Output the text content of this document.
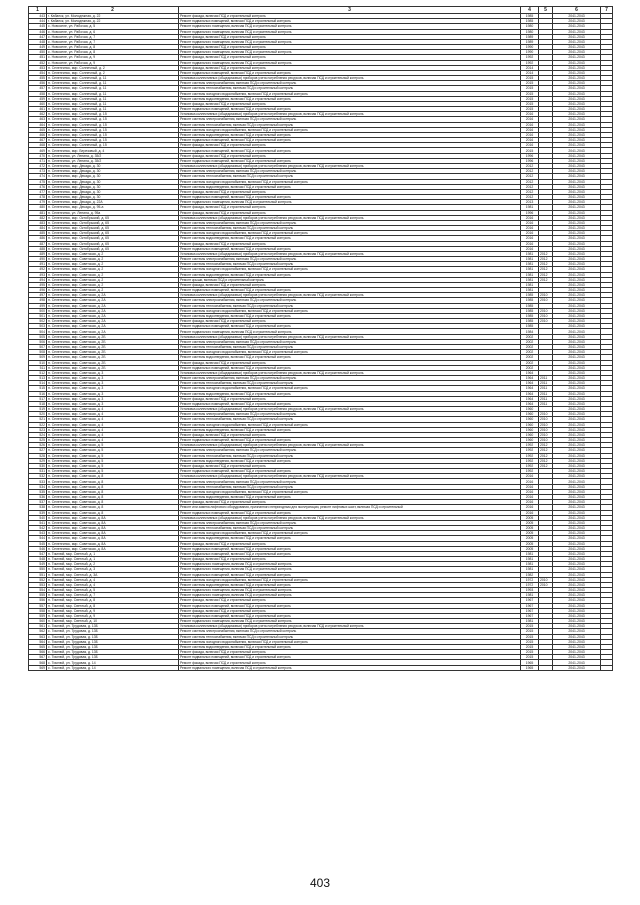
1	2	3	4	5	6	7
443	г. Кабанск, ул. Молодежная, д. 22	Ремонт фасада, включая ПСД и строительный контроль	1985		2041-2043	
444	г. Кабанск, ул. Молодежная, д. 22	Ремонт подвальных помещений, включая ПСД и строительный контроль	1985		2041-2043	
445	с. Новоселе, ул. Рабочая, д. 5	Ремонт подвального помещения, включая ПСД и строительный контроль	1980		2041-2043	
446	с. Новоселе, ул. Рабочая, д. 6	Ремонт подвального помещения, включая ПСД и строительный контроль	1980		2041-2043	
447	с. Новоселе, ул. Рабочая, д. 7	Ремонт фасада, включая ПСД и строительный контроль	1989		2041-2043	
448	с. Новоселе, ул. Рабочая, д. 7	Ремонт подвального помещения, включая ПСД и строительный контроль	1989		2041-2043	
449	с. Новоселе, ул. Рабочая, д. 8	Ремонт фасада, включая ПСД и строительный контроль	1990		2041-2043	
450	с. Новоселе, ул. Рабочая, д. 8	Ремонт подвального помещения, включая ПСД и строительный контроль	1990		2041-2043	
451	с. Новоселе, ул. Рабочая, д. 9	Ремонт фасада, включая ПСД и строительный контроль	1992		2041-2043	
452	с. Новоселе, ул. Рабочая, д. 9	Ремонт подвального помещения, включая ПСД и строительный контроль	1992		2041-2043	
453	п. Селенгинск, мкр. Солнечный, д. 2	Ремонт фасада, включая ПСД и строительный контроль	2014		2041-2043	
454	п. Селенгинск, мкр. Солнечный, д. 2	Ремонт подвальных помещений, включая ПСД и строительный контроль	2014		2041-2043	
455	п. Селенгинск, мкр. Солнечный, д. 11	Установка коллективных (общедомовых) приборов учета потребления ресурсов, включая ПСД и строительный контроль	2015		2041-2043	
456	п. Селенгинск, мкр. Солнечный, д. 11	Ремонт системы электроснабжения, включая ПСД и строительный контроль	2015		2041-2043	
457	п. Селенгинск, мкр. Солнечный, д. 11	Ремонт системы теплоснабжения, включая ПСД и строительный контроль	2015		2041-2043	
458	п. Селенгинск, мкр. Солнечный, д. 11	Ремонт системы холодного водоснабжения, включая ПСД и строительный контроль	2015		2041-2043	
459	п. Селенгинск, мкр. Солнечный, д. 11	Ремонт системы водоотведения, включая ПСД и строительный контроль	2015		2041-2043	
460	п. Селенгинск, мкр. Солнечный, д. 11	Ремонт фасада, включая ПСД и строительный контроль	2015		2041-2043	
461	п. Селенгинск, мкр. Солнечный, д. 11	Ремонт подвальных помещений, включая ПСД и строительный контроль	2015		2041-2043	
462	п. Селенгинск, мкр. Солнечный, д. 15	Установка коллективных (общедомовых) приборов учета потребления ресурсов, включая ПСД и строительный контроль	2016		2041-2043	
463	п. Селенгинск, мкр. Солнечный, д. 15	Ремонт системы электроснабжения, включая ПСД и строительный контроль	2016		2041-2043	
464	п. Селенгинск, мкр. Солнечный, д. 15	Ремонт системы теплоснабжения, включая ПСД и строительный контроль	2016		2041-2043	
465	п. Селенгинск, мкр. Солнечный, д. 15	Ремонт системы холодного водоснабжения, включая ПСД и строительный контроль	2016		2041-2043	
466	п. Селенгинск, мкр. Солнечный, д. 15	Ремонт системы водоотведения, включая ПСД и строительный контроль	2016		2041-2043	
467	п. Селенгинск, мкр. Солнечный, д. 15	Ремонт подвальных помещений, включая ПСД и строительный контроль	2016		2041-2043	
468	п. Селенгинск, мкр. Солнечный, д. 15	Ремонт фасада, включая ПСД и строительный контроль	2016		2041-2043	
469	п. Селенгинск, мкр. Березовый, д. 4	Ремонт подвальных помещений, включая ПСД и строительный контроль	2015		2041-2043	
470	п. Селенгинск, ул. Ленина, д. 35/2	Ремонт фасада, включая ПСД и строительный контроль	1996		2041-2043	
471	п. Селенгинск, ул. Ленина, д. 35/2	Ремонт подвальных помещений, включая ПСД и строительный контроль	1996		2041-2043	
472	п. Селенгинск, мкр. Декада, д. 30	Установка коллективных (общедомовых) приборов учета потребления ресурсов, включая ПСД и строительный контроль	2012		2041-2043	
473	п. Селенгинск, мкр. Декада, д. 30	Ремонт системы электроснабжения, включая ПСД и строительный контроль	2012		2041-2043	
474	п. Селенгинск, мкр. Декада, д. 30	Ремонт системы теплоснабжения, включая ПСД и строительный контроль	2012		2041-2043	
475	п. Селенгинск, мкр. Декада, д. 30	Ремонт системы холодного водоснабжения, включая ПСД и строительный контроль	2012		2041-2043	
476	п. Селенгинск, мкр. Декада, д. 30	Ремонт системы водоотведения, включая ПСД и строительный контроль	2012		2041-2043	
477	п. Селенгинск, мкр. Декада, д. 30	Ремонт фасада, включая ПСД и строительный контроль	2012		2041-2043	
478	п. Селенгинск, мкр. Декада, д. 30	Ремонт подвальных помещений, включая ПСД и строительный контроль	2012		2041-2043	
479	п. Селенгинск, мкр. Декада, д. 22А	Ремонт подвального помещения, включая ПСД и строительный контроль	2013		2041-2043	
480	п. Селенгинск, мкр. Декада, д. 95-а	Ремонт фасада, включая ПСД и строительный контроль	1981		2041-2043	
481	п. Селенгинск, ул. Ленина, д. 95а	Ремонт фасада, включая ПСД и строительный контроль	1996		2041-2043	
482	п. Селенгинск, мкр. Октябрьский, д. 65	Установка коллективных (общедомовых) приборов учета потребления ресурсов, включая ПСД и строительный контроль	2016		2041-2043	
483	п. Селенгинск, мкр. Октябрьский, д. 65	Ремонт системы электроснабжения, включая ПСД и строительный контроль	2016		2041-2043	
484	п. Селенгинск, мкр. Октябрьский, д. 65	Ремонт системы теплоснабжения, включая ПСД и строительный контроль	2016		2041-2043	
485	п. Селенгинск, мкр. Октябрьский, д. 65	Ремонт системы холодного водоснабжения, включая ПСД и строительный контроль	2016		2041-2043	
486	п. Селенгинск, мкр. Октябрьский, д. 65	Ремонт системы водоотведения, включая ПСД и строительный контроль	2016		2041-2043	
487	п. Селенгинск, мкр. Октябрьский, д. 65	Ремонт фасада, включая ПСД и строительный контроль	2016		2041-2043	
488	п. Селенгинск, мкр. Октябрьский, д. 65	Ремонт подвальных помещений, включая ПСД и строительный контроль	2016		2041-2043	
489	п. Селенгинск, мкр. Советская, д. 2	Установка коллективных (общедомовых) приборов учета потребления ресурсов, включая ПСД и строительный контроль	1981	2012	2041-2043	
490	п. Селенгинск, мкр. Советская, д. 2	Ремонт системы электроснабжения, включая ПСД и строительный контроль	1981	2012	2041-2043	
491	п. Селенгинск, мкр. Советская, д. 2	Ремонт системы теплоснабжения, включая ПСД и строительный контроль	1981	2012	2041-2043	
492	п. Селенгинск, мкр. Советская, д. 2	Ремонт системы холодного водоснабжения, включая ПСД и строительный контроль	1981	2012	2041-2043	
493	п. Селенгинск, мкр. Советская, д. 2	Ремонт системы водоотведения, включая ПСД и строительный контроль	1981	2012	2041-2043	
494	п. Селенгинск, мкр. Советская, д. 2	Ремонт крыши, включая ПСД и строительный контроль	1981	2012	2041-2043	
495	п. Селенгинск, мкр. Советская, д. 2	Ремонт фасада, включая ПСД и строительный контроль	1981		2041-2043	
496	п. Селенгинск, мкр. Советская, д. 2	Ремонт подвальных помещений, включая ПСД и строительный контроль	1981		2041-2043	
497	п. Селенгинск, мкр. Советская, д. 2А	Установка коллективных (общедомовых) приборов учета потребления ресурсов, включая ПСД и строительный контроль	1985	2010	2041-2043	
498	п. Селенгинск, мкр. Советская, д. 2А	Ремонт системы электроснабжения, включая ПСД и строительный контроль	1985	2010	2041-2043	
499	п. Селенгинск, мкр. Советская, д. 2А	Ремонт системы теплоснабжения, включая ПСД и строительный контроль	1985		2041-2043	
500	п. Селенгинск, мкр. Советская, д. 2А	Ремонт системы холодного водоснабжения, включая ПСД и строительный контроль	1985	2010	2041-2043	
501	п. Селенгинск, мкр. Советская, д. 2А	Ремонт системы водоотведения, включая ПСД и строительный контроль	1985	2010	2041-2043	
502	п. Селенгинск, мкр. Советская, д. 2А	Ремонт фасада, включая ПСД и строительный контроль	1985	2010	2041-2043	
503	п. Селенгинск, мкр. Советская, д. 2А	Ремонт подвальных помещений, включая ПСД и строительный контроль	1985		2041-2043	
504	п. Селенгинск, мкр. Советская, д. 2А	Ремонт подвального помещения, включая ПСД и строительный контроль	1984		2041-2043	
505	п. Селенгинск, мкр. Советская, д. 2Б	Установка коллективных (общедомовых) приборов учета потребления ресурсов, включая ПСД и строительный контроль	2002		2041-2043	
506	п. Селенгинск, мкр. Советская, д. 2Б	Ремонт системы электроснабжения, включая ПСД и строительный контроль	2002		2041-2043	
507	п. Селенгинск, мкр. Советская, д. 2Б	Ремонт системы теплоснабжения, включая ПСД и строительный контроль	2002		2041-2043	
508	п. Селенгинск, мкр. Советская, д. 2Б	Ремонт системы холодного водоснабжения, включая ПСД и строительный контроль	2002		2041-2043	
509	п. Селенгинск, мкр. Советская, д. 2Б	Ремонт системы водоотведения, включая ПСД и строительный контроль	2002		2041-2043	
510	п. Селенгинск, мкр. Советская, д. 2Б	Ремонт фасада, включая ПСД и строительный контроль	2002		2041-2043	
511	п. Селенгинск, мкр. Советская, д. 2Б	Ремонт подвальных помещений, включая ПСД и строительный контроль	2002		2041-2043	
512	п. Селенгинск, мкр. Советская, д. 3	Установка коллективных (общедомовых) приборов учета потребления ресурсов, включая ПСД и строительный контроль	1964		2041-2043	
513	п. Селенгинск, мкр. Советская, д. 3	Ремонт системы электроснабжения, включая ПСД и строительный контроль	1964	2011	2041-2043	
514	п. Селенгинск, мкр. Советская, д. 3	Ремонт системы теплоснабжения, включая ПСД и строительный контроль	1964	2011	2041-2043	
515	п. Селенгинск, мкр. Советская, д. 3	Ремонт системы холодного водоснабжения, включая ПСД и строительный контроль	1964	2011	2041-2043	
516	п. Селенгинск, мкр. Советская, д. 3	Ремонт системы водоотведения, включая ПСД и строительный контроль	1964	2011	2041-2043	
517	п. Селенгинск, мкр. Советская, д. 3	Ремонт фасада, включая ПСД и строительный контроль	1964	2011	2041-2043	
518	п. Селенгинск, мкр. Советская, д. 3	Ремонт подвальных помещений, включая ПСД и строительный контроль	1964	2011	2041-2043	
519	п. Селенгинск, мкр. Советская, д. 4	Установка коллективных (общедомовых) приборов учета потребления ресурсов, включая ПСД и строительный контроль	1960		2041-2043	
520	п. Селенгинск, мкр. Советская, д. 4	Ремонт системы электроснабжения, включая ПСД и строительный контроль	1960	2010	2041-2043	
521	п. Селенгинск, мкр. Советская, д. 4	Ремонт системы теплоснабжения, включая ПСД и строительный контроль	1960	2010	2041-2043	
522	п. Селенгинск, мкр. Советская, д. 4	Ремонт системы холодного водоснабжения, включая ПСД и строительный контроль	1960	2010	2041-2043	
523	п. Селенгинск, мкр. Советская, д. 4	Ремонт системы водоотведения, включая ПСД и строительный контроль	1960	2010	2041-2043	
524	п. Селенгинск, мкр. Советская, д. 4	Ремонт фасада, включая ПСД и строительный контроль	1960	2010	2041-2043	
525	п. Селенгинск, мкр. Советская, д. 4	Ремонт подвальных помещений, включая ПСД и строительный контроль	1960	2010	2041-2043	
526	п. Селенгинск, мкр. Советская, д. 5	Установка коллективных (общедомовых) приборов учета потребления ресурсов, включая ПСД и строительный контроль	1992	2012	2041-2043	
527	п. Селенгинск, мкр. Советская, д. 5	Ремонт системы электроснабжения, включая ПСД и строительный контроль	1992	2012	2041-2043	
528	п. Селенгинск, мкр. Советская, д. 5	Ремонт системы теплоснабжения, включая ПСД и строительный контроль	1992	2012	2041-2043	
529	п. Селенгинск, мкр. Советская, д. 5	Ремонт системы водоотведения, включая ПСД и строительный контроль	1992	2012	2041-2043	
530	п. Селенгинск, мкр. Советская, д. 5	Ремонт фасада, включая ПСД и строительный контроль	1992	2012	2041-2043	
531	п. Селенгинск, мкр. Советская, д. 5	Ремонт подвальных помещений, включая ПСД и строительный контроль	1992		2041-2043	
532	п. Селенгинск, мкр. Советская, д. 8	Установка коллективных (общедомовых) приборов учета потребления ресурсов, включая ПСД и строительный контроль	2016		2041-2043	
533	п. Селенгинск, мкр. Советская, д. 8	Ремонт системы электроснабжения, включая ПСД и строительный контроль	2016		2041-2043	
534	п. Селенгинск, мкр. Советская, д. 8	Ремонт системы теплоснабжения, включая ПСД и строительный контроль	2016		2041-2043	
535	п. Селенгинск, мкр. Советская, д. 8	Ремонт системы холодного водоснабжения, включая ПСД и строительный контроль	2016		2041-2043	
536	п. Селенгинск, мкр. Советская, д. 8	Ремонт системы водоотведения, включая ПСД и строительный контроль	2016		2041-2043	
537	п. Селенгинск, мкр. Советская, д. 8	Ремонт фасада, включая ПСД и строительный контроль	2016		2041-2043	
538	п. Селенгинск, мкр. Советская, д. 8	Ремонт или замена лифтового оборудования, признанного непригодным для эксплуатации, ремонт лифтовых шахт, включая ПСД и строительный	2016		2041-2043	
539	п. Селенгинск, мкр. Советская, д. 8	Ремонт подвальных помещений, включая ПСД и строительный контроль	2016		2041-2043	
540	п. Селенгинск, мкр. Советская, д. 8А	Установка коллективных (общедомовых) приборов учета потребления ресурсов, включая ПСД и строительный контроль	2005		2041-2043	
541	п. Селенгинск, мкр. Советская, д. 8А	Ремонт системы электроснабжения, включая ПСД и строительный контроль	2005		2041-2043	
542	п. Селенгинск, мкр. Советская, д. 8А	Ремонт системы теплоснабжения, включая ПСД и строительный контроль	2005		2041-2043	
543	п. Селенгинск, мкр. Советская, д. 8А	Ремонт системы холодного водоснабжения, включая ПСД и строительный контроль	2005		2041-2043	
544	п. Селенгинск, мкр. Советская, д. 8А	Ремонт системы водоотведения, включая ПСД и строительный контроль	2005		2041-2043	
545	п. Селенгинск, мкр. Советская, д. 8А	Ремонт фасада, включая ПСД и строительный контроль	2005		2041-2043	
546	п. Селенгинск, мкр. Советская, д. 8А	Ремонт подвальных помещений, включая ПСД и строительный контроль	2005		2041-2043	
547	п. Тимлюй, мкр. Светлый, д. 1	Ремонт подвальных помещений, включая ПСД и строительный контроль	1981		2041-2043	
548	п. Тимлюй, мкр. Светлый, д. 1	Ремонт фасада, включая ПСД и строительный контроль	1981		2041-2043	
549	п. Тимлюй, мкр. Светлый, д. 2	Ремонт подвального помещения, включая ПСД и строительный контроль	1981		2041-2043	
550	п. Тимлюй, мкр. Светлый, д. 3	Ремонт подвального помещения, включая ПСД и строительный контроль	1981		2041-2043	
551	п. Тимлюй, мкр. Светлый, д. 3А	Ремонт подвальных помещений, включая ПСД и строительный контроль	1982		2041-2043	
552	п. Тимлюй, мкр. Светлый, д. 4	Ремонт системы холодного водоснабжения, включая ПСД и строительный контроль	1972	2010	2041-2043	
553	п. Тимлюй, мкр. Светлый, д. 4	Ремонт системы водоотведения, включая ПСД и строительный контроль	1972	2010	2041-2043	
554	п. Тимлюй, мкр. Светлый, д. 5	Ремонт подвального помещения, включая ПСД и строительный контроль	1993		2041-2043	
555	п. Тимлюй, мкр. Светлый, д. 7	Ремонт подвального помещения, включая ПСД и строительный контроль	1981		2041-2043	
556	п. Тимлюй, мкр. Светлый, д. 8	Ремонт фасада, включая ПСД и строительный контроль	1967		2041-2043	
557	п. Тимлюй, мкр. Светлый, д. 8	Ремонт подвальных помещений, включая ПСД и строительный контроль	1967		2041-2043	
558	п. Тимлюй, мкр. Светлый, д. 9	Ремонт фасада, включая ПСД и строительный контроль	1967		2041-2043	
559	п. Тимлюй, мкр. Светлый, д. 9	Ремонт подвальных помещений, включая ПСД и строительный контроль	1967		2041-2043	
560	п. Тимлюй, мкр. Светлый, д. 10	Ремонт подвального помещения, включая ПСД и строительный контроль	1981		2041-2043	
561	с. Тимлюй, ул. Трудовая, д. 13Б	Установка коллективных (общедомовых) приборов учета потребления ресурсов, включая ПСД и строительный контроль	2015		2041-2043	
562	с. Тимлюй, ул. Трудовая, д. 13Б	Ремонт системы электроснабжения, включая ПСД и строительный контроль	2015		2041-2043	
563	с. Тимлюй, ул. Трудовая, д. 13Б	Ремонт системы теплоснабжения, включая ПСД и строительный контроль	2015		2041-2043	
564	с. Тимлюй, ул. Трудовая, д. 13Б	Ремонт системы холодного водоснабжения, включая ПСД и строительный контроль	2015		2041-2043	
565	с. Тимлюй, ул. Трудовая, д. 13Б	Ремонт системы водоотведения, включая ПСД и строительный контроль	2015		2041-2043	
566	с. Тимлюй, ул. Трудовая, д. 13Б	Ремонт фасада, включая ПСД и строительный контроль	2015		2041-2043	
567	с. Тимлюй, ул. Трудовая, д. 13Б	Ремонт подвальных помещений, включая ПСД и строительный контроль	2015		2041-2043	
568	с. Тимлюй, ул. Трудовая, д. 14	Ремонт фасада, включая ПСД и строительный контроль	1965		2041-2043	
569	с. Тимлюй, ул. Трудовая, д. 14	Ремонт подвального помещения, включая ПСД и строительный контроль	1965		2041-2043	
403
